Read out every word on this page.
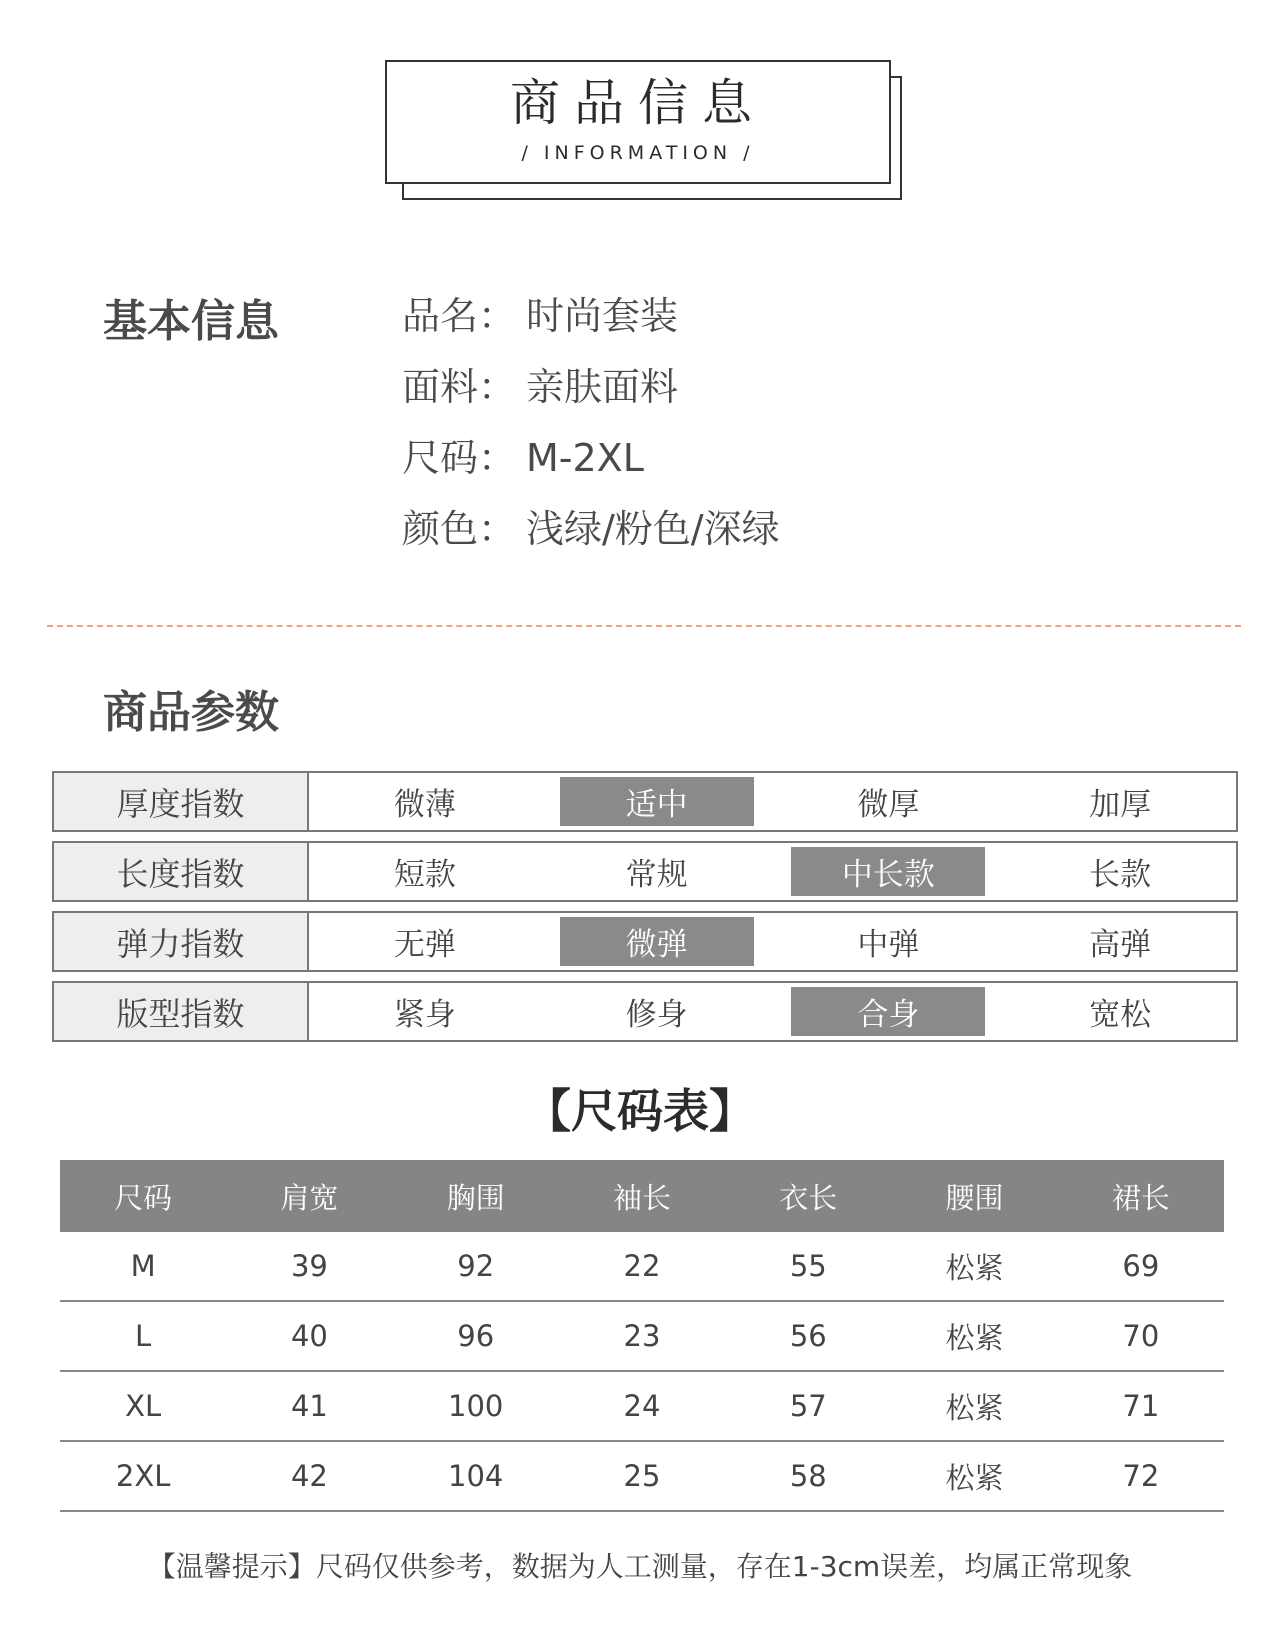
商品信息
/ INFORMATION /
基本信息	品名： 时尚套装
面料： 亲肤面料
尺码： M-2XL
颜色： 浅绿/粉色/深绿
商品参数
厚度指数	微薄	适中	微厚	加厚
长度指数	短款	常规	中长款	长款
弹力指数	无弹	微弹	中弹	高弹
版型指数	紧身	修身	合身	宽松
【尺码表】
尺码	肩宽	胸围	袖长	衣长	腰围	裙长
M	39	92	22	55	松紧	69
L	40	96	23	56	松紧	70
XL	41	100	24	57	松紧	71
2XL	42	104	25	58	松紧	72
【温馨提示】尺码仅供参考，数据为人工测量，存在1-3cm误差，均属正常现象
